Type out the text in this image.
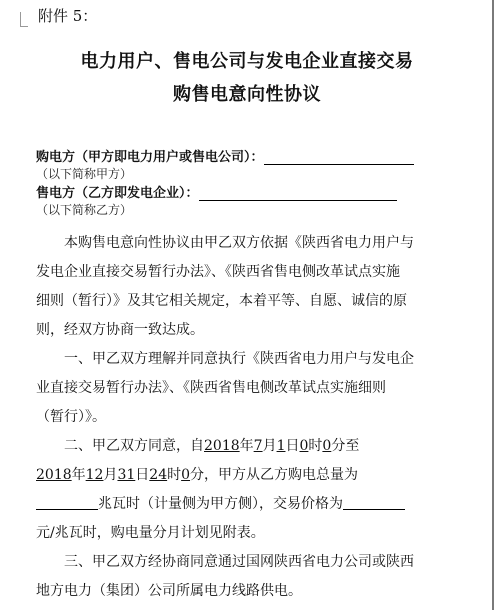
附件 5：
电力用户、售电公司与发电企业直接交易
购售电意向性协议
购电方（甲方即电力用户或售电公司）：
（以下简称甲方）
售电方（乙方即发电企业）：
（以下简称乙方）
本购售电意向性协议由甲乙双方依据《陕西省电力用户与
发电企业直接交易暂行办法》、《陕西省售电侧改革试点实施
细则（暂行）》及其它相关规定，本着平等、自愿、诚信的原
则，经双方协商一致达成。
一、甲乙双方理解并同意执行《陕西省电力用户与发电企
业直接交易暂行办法》、《陕西省售电侧改革试点实施细则
（暂行）》。
二、甲乙双方同意，自2018年7月1日0时0分至
2018年12月31日24时0分，甲方从乙方购电总量为
兆瓦时（计量侧为甲方侧），交易价格为
元/兆瓦时，购电量分月计划见附表。
三、甲乙双方经协商同意通过国网陕西省电力公司或陕西
地方电力（集团）公司所属电力线路供电。
